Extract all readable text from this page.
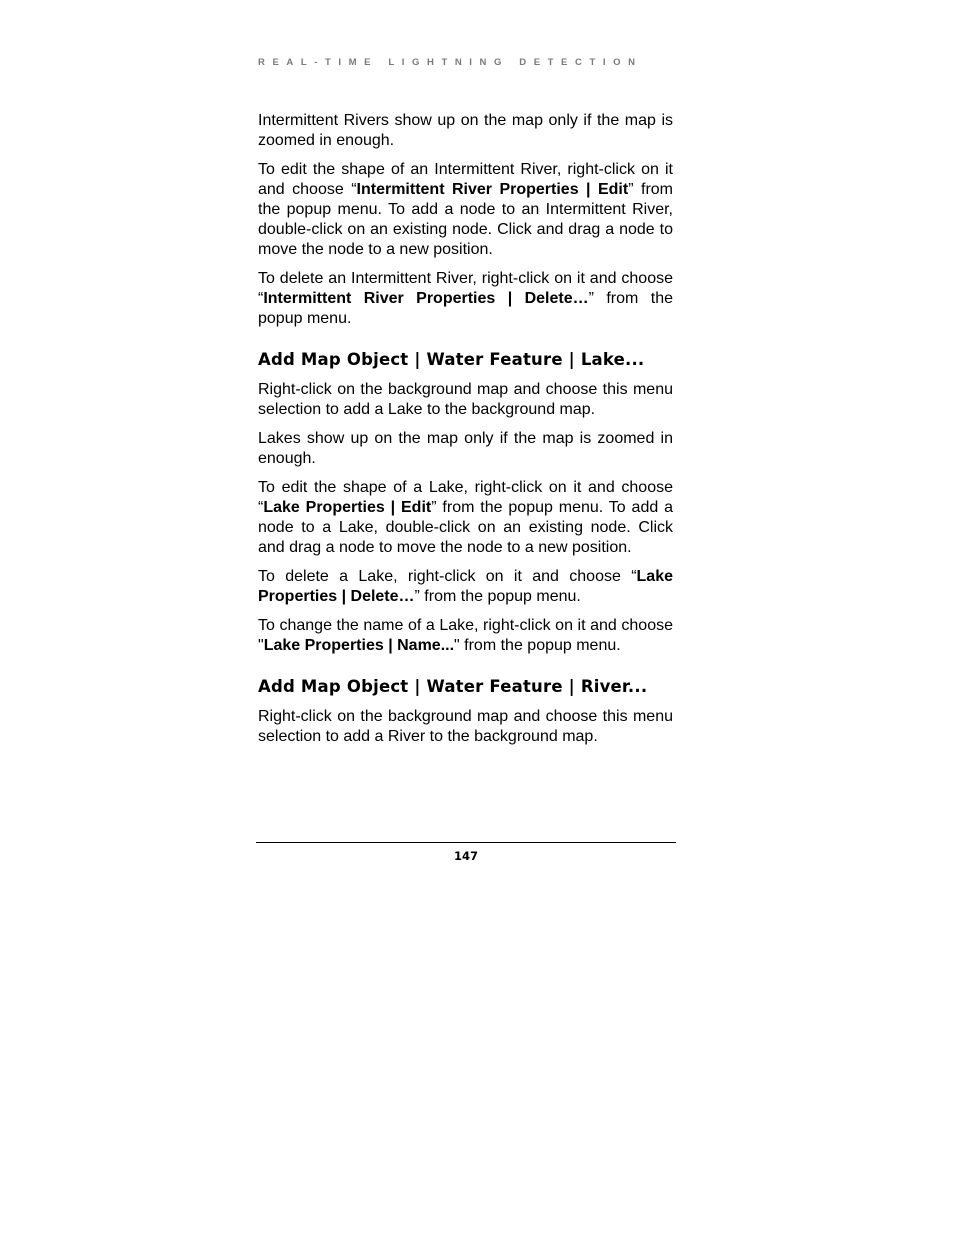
REAL-TIME LIGHTNING DETECTION

Intermittent Rivers show up on the map only if the map is zoomed in enough.

To edit the shape of an Intermittent River, right-click on it and choose “Intermittent River Properties | Edit” from the popup menu. To add a node to an Intermittent River, double-click on an existing node. Click and drag a node to move the node to a new position.

To delete an Intermittent River, right-click on it and choose “Intermittent River Properties | Delete…” from the popup menu.

Add Map Object | Water Feature | Lake...

Right-click on the background map and choose this menu selection to add a Lake to the background map.

Lakes show up on the map only if the map is zoomed in enough.

To edit the shape of a Lake, right-click on it and choose “Lake Properties | Edit” from the popup menu. To add a node to a Lake, double-click on an existing node. Click and drag a node to move the node to a new position.

To delete a Lake, right-click on it and choose “Lake Properties | Delete…” from the popup menu.

To change the name of a Lake, right-click on it and choose "Lake Properties | Name..." from the popup menu.

Add Map Object | Water Feature | River...

Right-click on the background map and choose this menu selection to add a River to the background map.

147
